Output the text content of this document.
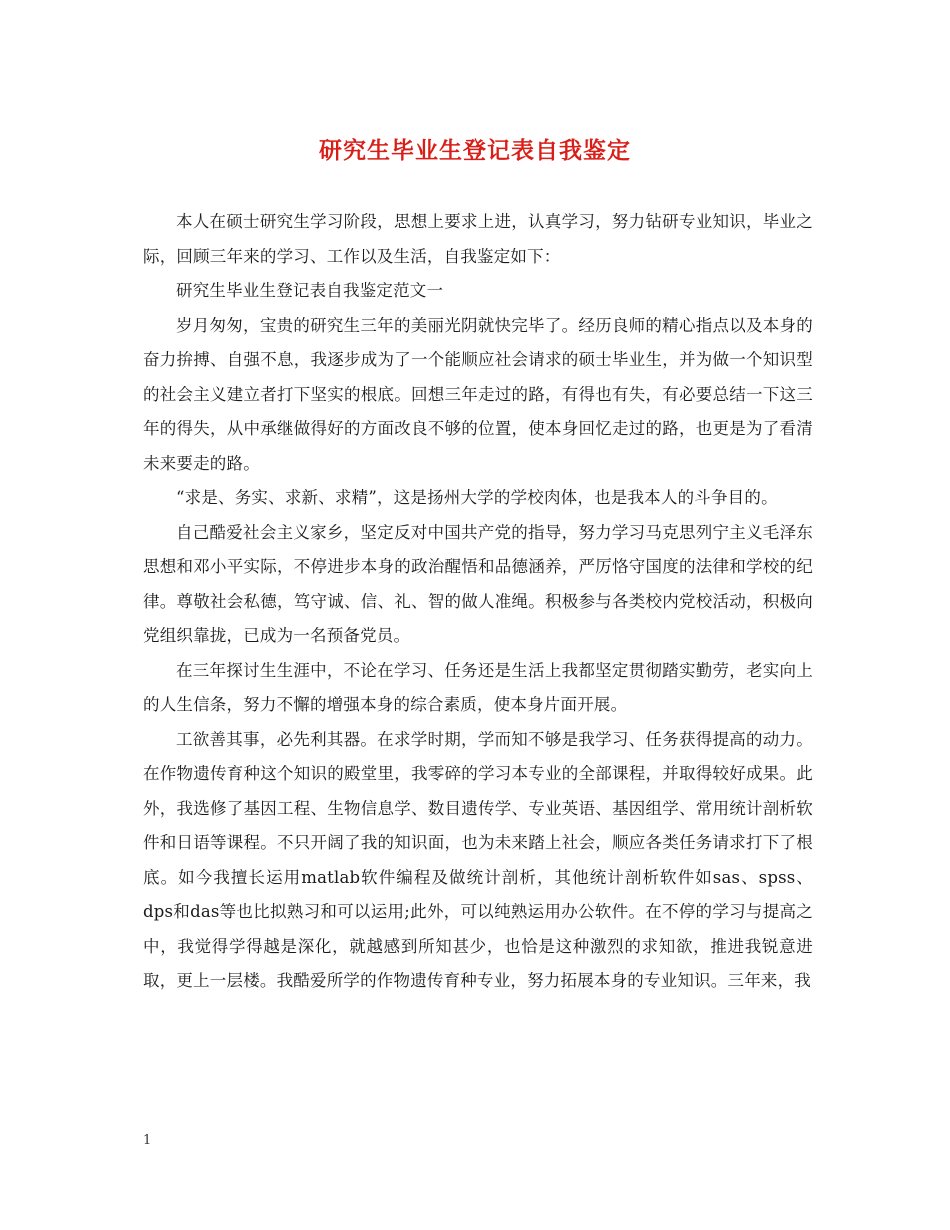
研究生毕业生登记表自我鉴定

本人在硕士研究生学习阶段，思想上要求上进，认真学习，努力钻研专业知识，毕业之际，回顾三年来的学习、工作以及生活，自我鉴定如下：

研究生毕业生登记表自我鉴定范文一

岁月匆匆，宝贵的研究生三年的美丽光阴就快完毕了。经历良师的精心指点以及本身的奋力拚搏、自强不息，我逐步成为了一个能顺应社会请求的硕士毕业生，并为做一个知识型的社会主义建立者打下坚实的根底。回想三年走过的路，有得也有失，有必要总结一下这三年的得失，从中承继做得好的方面改良不够的位置，使本身回忆走过的路，也更是为了看清未来要走的路。

“求是、务实、求新、求精”，这是扬州大学的学校肉体，也是我本人的斗争目的。

自己酷爱社会主义家乡，坚定反对中国共产党的指导，努力学习马克思列宁主义毛泽东思想和邓小平实际，不停进步本身的政治醒悟和品德涵养，严厉恪守国度的法律和学校的纪律。尊敬社会私德，笃守诚、信、礼、智的做人准绳。积极参与各类校内党校活动，积极向党组织靠拢，已成为一名预备党员。

在三年探讨生生涯中，不论在学习、任务还是生活上我都坚定贯彻踏实勤劳，老实向上的人生信条，努力不懈的增强本身的综合素质，使本身片面开展。

工欲善其事，必先利其器。在求学时期，学而知不够是我学习、任务获得提高的动力。在作物遗传育种这个知识的殿堂里，我零碎的学习本专业的全部课程，并取得较好成果。此外，我选修了基因工程、生物信息学、数目遗传学、专业英语、基因组学、常用统计剖析软件和日语等课程。不只开阔了我的知识面，也为未来踏上社会，顺应各类任务请求打下了根底。如今我擅长运用matlab软件编程及做统计剖析，其他统计剖析软件如sas、spss、dps和das等也比拟熟习和可以运用;此外，可以纯熟运用办公软件。在不停的学习与提高之中，我觉得学得越是深化，就越感到所知甚少，也恰是这种激烈的求知欲，推进我锐意进取，更上一层楼。我酷爱所学的作物遗传育种专业，努力拓展本身的专业知识。三年来，我

1
